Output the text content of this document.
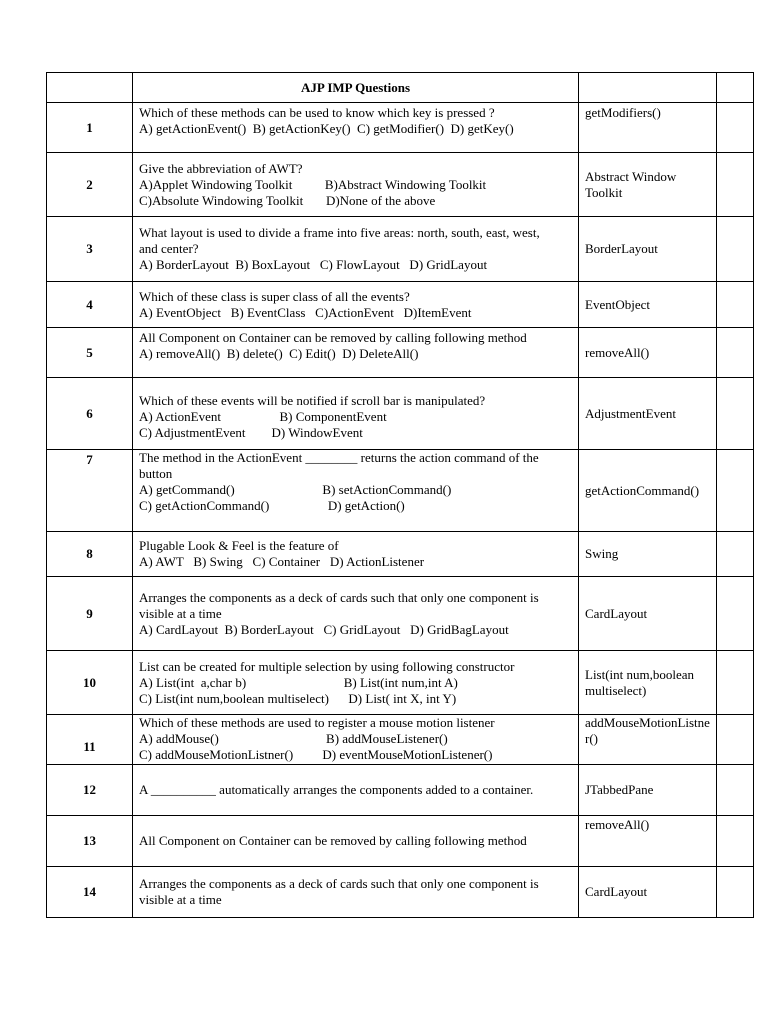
	AJP IMP Questions		
1	Which of these methods can be used to know which key is pressed ?
A) getActionEvent()  B) getActionKey()  C) getModifier()  D) getKey()	getModifiers()	
2	Give the abbreviation of AWT?
A)Applet Windowing Toolkit          B)Abstract Windowing Toolkit
C)Absolute Windowing Toolkit       D)None of the above	Abstract Window Toolkit	

3	What layout is used to divide a frame into five areas: north, south, east, west,
and center?
A) BorderLayout  B) BoxLayout   C) FlowLayout   D) GridLayout	BorderLayout	
4	Which of these class is super class of all the events?
A) EventObject   B) EventClass   C)ActionEvent   D)ItemEvent	EventObject	
5	All Component on Container can be removed by calling following method
A) removeAll()  B) delete()  C) Edit()  D) DeleteAll()	removeAll()	
6	Which of these events will be notified if scroll bar is manipulated?
A) ActionEvent                  B) ComponentEvent
C) AdjustmentEvent        D) WindowEvent	AdjustmentEvent	
7	The method in the ActionEvent ________ returns the action command of the
button
A) getCommand()                           B) setActionCommand()
C) getActionCommand()                  D) getAction()	getActionCommand()	
8	Plugable Look & Feel is the feature of
A) AWT   B) Swing   C) Container   D) ActionListener	Swing	
9	Arranges the components as a deck of cards such that only one component is
visible at a time
A) CardLayout  B) BorderLayout   C) GridLayout   D) GridBagLayout	CardLayout	
10	List can be created for multiple selection by using following constructor
A) List(int  a,char b)                              B) List(int num,int A)
C) List(int num,boolean multiselect)      D) List( int X, int Y)	List(int num,boolean multiselect)	

11	Which of these methods are used to register a mouse motion listener
A) addMouse()                                 B) addMouseListener()
C) addMouseMotionListner()         D) eventMouseMotionListener()	addMouseMotionListner()	
12	A __________ automatically arranges the components added to a container.	JTabbedPane	
13	All Component on Container can be removed by calling following method	removeAll()	
14	Arranges the components as a deck of cards such that only one component is
visible at a time	CardLayout	
